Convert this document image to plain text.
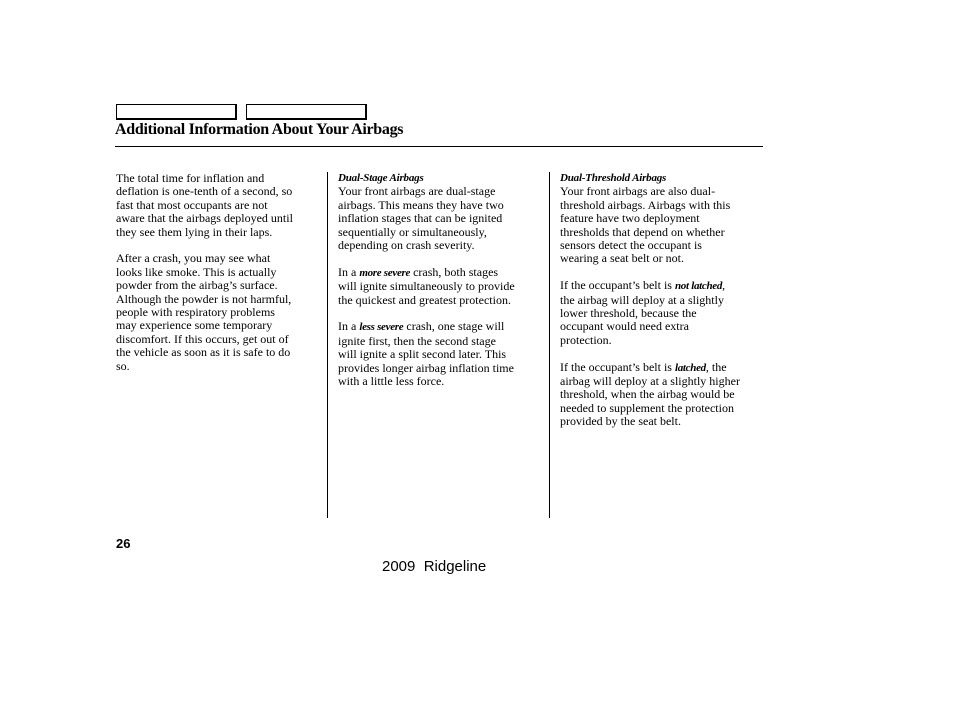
Additional Information About Your Airbags

The total time for inflation and
deflation is one-tenth of a second, so
fast that most occupants are not
aware that the airbags deployed until
they see them lying in their laps.

After a crash, you may see what
looks like smoke. This is actually
powder from the airbag’s surface.
Although the powder is not harmful,
people with respiratory problems
may experience some temporary
discomfort. If this occurs, get out of
the vehicle as soon as it is safe to do
so.

Dual-Stage Airbags

Your front airbags are dual-stage
airbags. This means they have two
inflation stages that can be ignited
sequentially or simultaneously,
depending on crash severity.

In a more severe crash, both stages
will ignite simultaneously to provide
the quickest and greatest protection.

In a less severe crash, one stage will
ignite first, then the second stage
will ignite a split second later. This
provides longer airbag inflation time
with a little less force.

Dual-Threshold Airbags

Your front airbags are also dual-
threshold airbags. Airbags with this
feature have two deployment
thresholds that depend on whether
sensors detect the occupant is
wearing a seat belt or not.

If the occupant’s belt is not latched,
the airbag will deploy at a slightly
lower threshold, because the
occupant would need extra
protection.

If the occupant’s belt is latched, the
airbag will deploy at a slightly higher
threshold, when the airbag would be
needed to supplement the protection
provided by the seat belt.

26
2009  Ridgeline
